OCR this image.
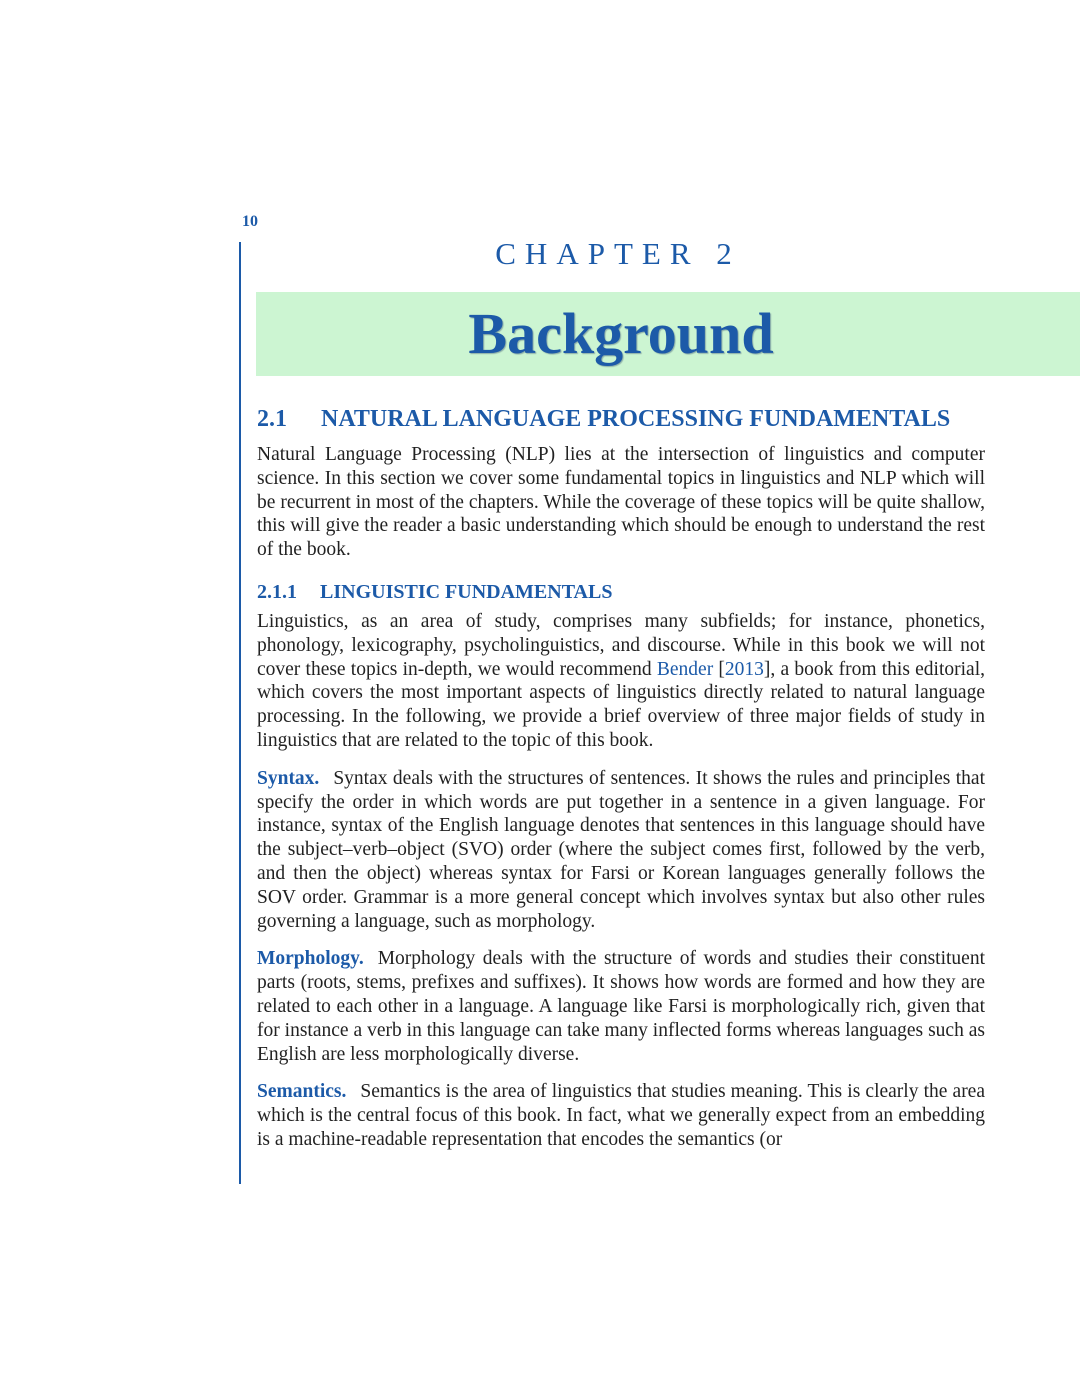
10
CHAPTER 2
Background
2.1	NATURAL LANGUAGE PROCESSING FUNDAMENTALS

Natural Language Processing (NLP) lies at the intersection of linguistics and computer science. In this section we cover some fundamental topics in linguistics and NLP which will be recurrent in most of the chapters. While the coverage of these topics will be quite shallow, this will give the reader a basic understanding which should be enough to understand the rest of the book.

2.1.1	LINGUISTIC FUNDAMENTALS

Linguistics, as an area of study, comprises many subfields; for instance, phonetics, phonology, lexicography, psycholinguistics, and discourse. While in this book we will not cover these topics in-depth, we would recommend Bender [2013], a book from this editorial, which covers the most important aspects of linguistics directly related to natural language processing. In the following, we provide a brief overview of three major fields of study in linguistics that are related to the topic of this book.

Syntax. Syntax deals with the structures of sentences. It shows the rules and principles that specify the order in which words are put together in a sentence in a given language. For instance, syntax of the English language denotes that sentences in this language should have the subject–verb–object (SVO) order (where the subject comes first, followed by the verb, and then the object) whereas syntax for Farsi or Korean languages generally follows the SOV order. Grammar is a more general concept which involves syntax but also other rules governing a language, such as morphology.

Morphology. Morphology deals with the structure of words and studies their constituent parts (roots, stems, prefixes and suffixes). It shows how words are formed and how they are related to each other in a language. A language like Farsi is morphologically rich, given that for instance a verb in this language can take many inflected forms whereas languages such as English are less morphologically diverse.

Semantics. Semantics is the area of linguistics that studies meaning. This is clearly the area which is the central focus of this book. In fact, what we generally expect from an embedding is a machine-readable representation that encodes the semantics (or
